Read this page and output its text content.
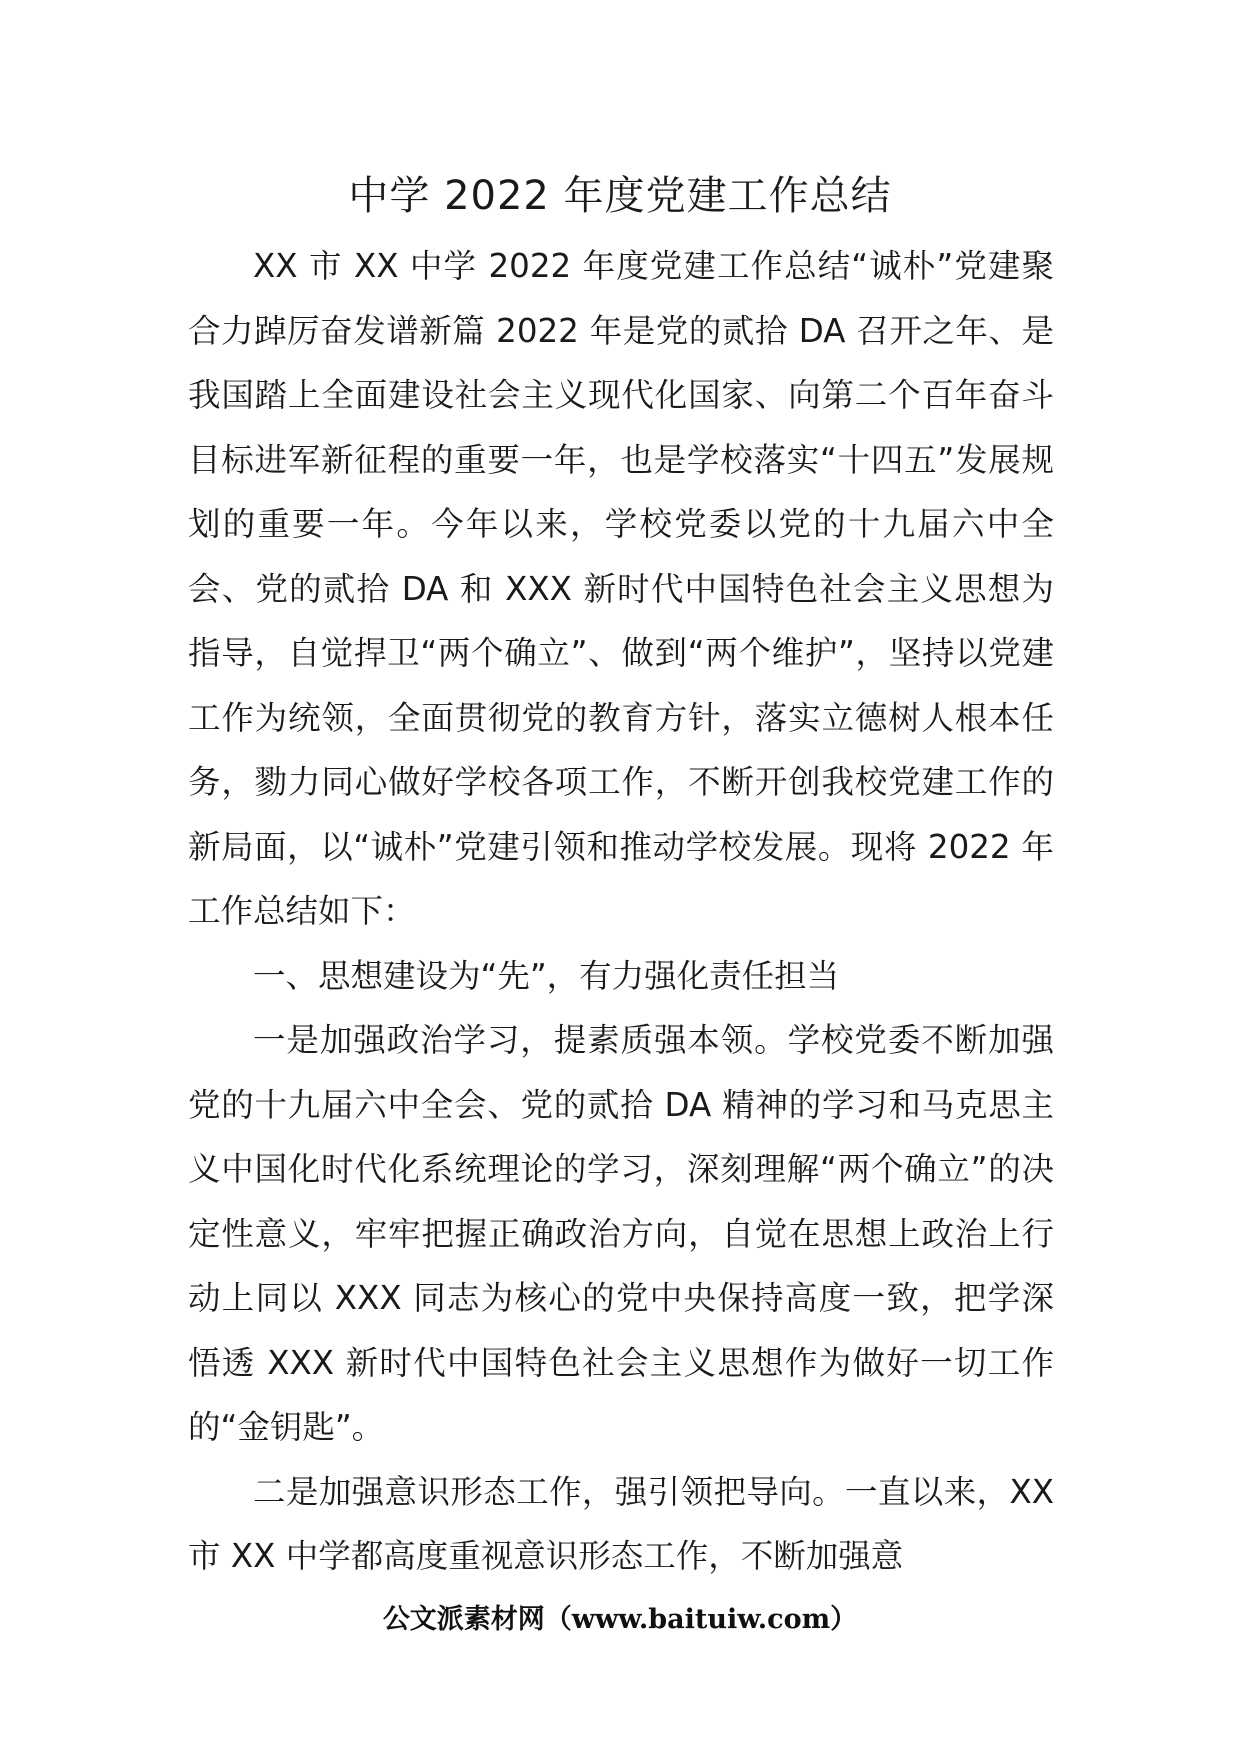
中学 2022 年度党建工作总结

XX 市 XX 中学 2022 年度党建工作总结“诚朴”党建聚合力踔厉奋发谱新篇 2022 年是党的贰拾 DA 召开之年、是我国踏上全面建设社会主义现代化国家、向第二个百年奋斗目标进军新征程的重要一年，也是学校落实“十四五”发展规划的重要一年。今年以来，学校党委以党的十九届六中全会、党的贰拾 DA 和 XXX 新时代中国特色社会主义思想为指导，自觉捍卫“两个确立”、做到“两个维护”，坚持以党建工作为统领，全面贯彻党的教育方针，落实立德树人根本任务，勠力同心做好学校各项工作，不断开创我校党建工作的新局面，以“诚朴”党建引领和推动学校发展。现将 2022 年工作总结如下：

一、思想建设为“先”，有力强化责任担当

一是加强政治学习，提素质强本领。学校党委不断加强党的十九届六中全会、党的贰拾 DA 精神的学习和马克思主义中国化时代化系统理论的学习，深刻理解“两个确立”的决定性意义，牢牢把握正确政治方向，自觉在思想上政治上行动上同以 XXX 同志为核心的党中央保持高度一致，把学深悟透 XXX 新时代中国特色社会主义思想作为做好一切工作的“金钥匙”。

二是加强意识形态工作，强引领把导向。一直以来，XX 市 XX 中学都高度重视意识形态工作，不断加强意

公文派素材网（www.baituiw.com）
